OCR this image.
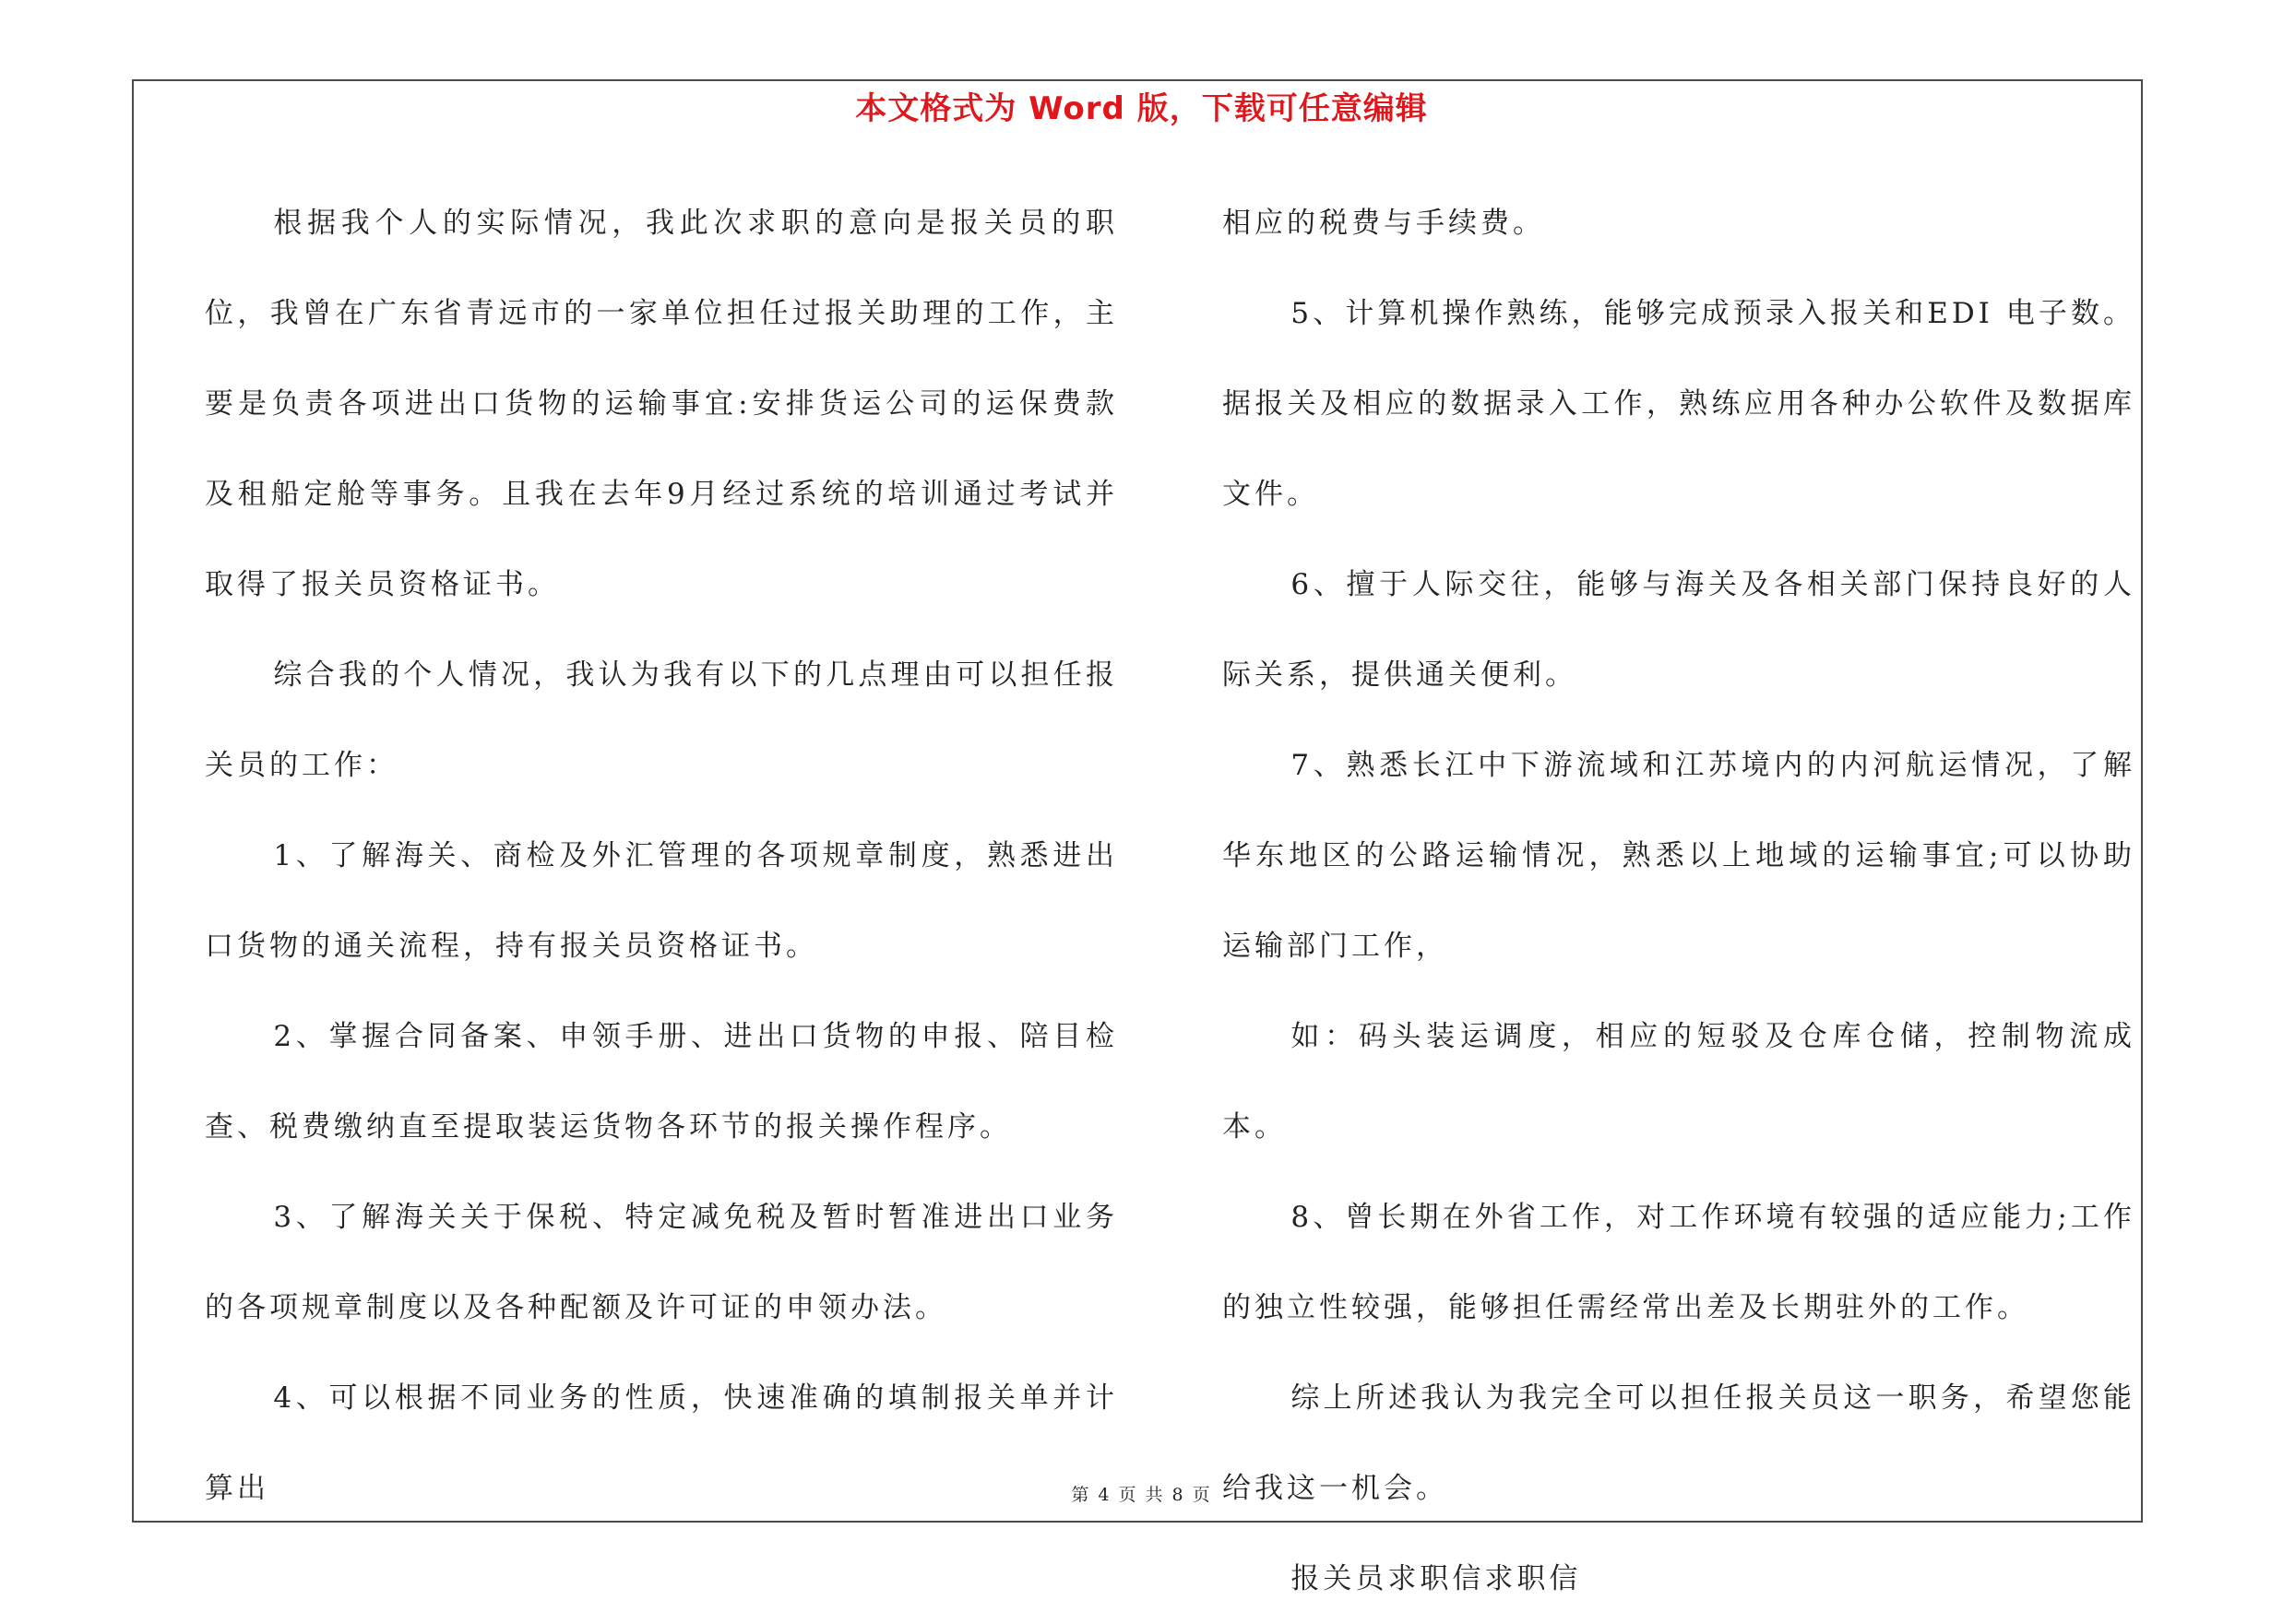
本文格式为 Word 版，下载可任意编辑

根据我个人的实际情况，我此次求职的意向是报关员的职位，我曾在广东省青远市的一家单位担任过报关助理的工作，主要是负责各项进出口货物的运输事宜:安排货运公司的运保费款及租船定舱等事务。且我在去年9月经过系统的培训通过考试并取得了报关员资格证书。

综合我的个人情况，我认为我有以下的几点理由可以担任报关员的工作：

1、了解海关、商检及外汇管理的各项规章制度，熟悉进出口货物的通关流程，持有报关员资格证书。

2、掌握合同备案、申领手册、进出口货物的申报、陪目检查、税费缴纳直至提取装运货物各环节的报关操作程序。

3、了解海关关于保税、特定减免税及暂时暂准进出口业务的各项规章制度以及各种配额及许可证的申领办法。

4、可以根据不同业务的性质，快速准确的填制报关单并计算出

相应的税费与手续费。

5、计算机操作熟练，能够完成预录入报关和EDI 电子数。据报关及相应的数据录入工作，熟练应用各种办公软件及数据库文件。

6、擅于人际交往，能够与海关及各相关部门保持良好的人际关系，提供通关便利。

7、熟悉长江中下游流域和江苏境内的内河航运情况，了解华东地区的公路运输情况，熟悉以上地域的运输事宜;可以协助运输部门工作，

如：码头装运调度，相应的短驳及仓库仓储，控制物流成本。

8、曾长期在外省工作，对工作环境有较强的适应能力;工作的独立性较强，能够担任需经常出差及长期驻外的工作。

综上所述我认为我完全可以担任报关员这一职务，希望您能给我这一机会。

报关员求职信求职信

第 4 页 共 8 页
